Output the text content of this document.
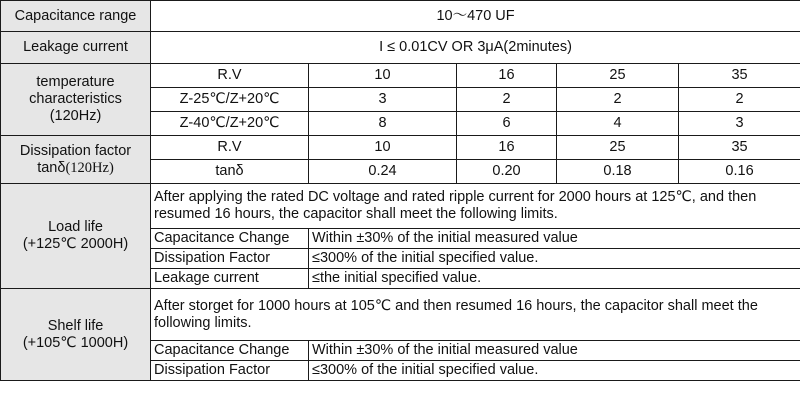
Capacitance range	10～470 UF					
Leakage current	I ≤ 0.01CV OR 3μA(2minutes)					

temperature
characteristics
(120Hz)	R.V	10	16	25	35	
	Z-25℃/Z+20℃	3	2	2	2	
	Z-40℃/Z+20℃	8	6	4	3	

Dissipation factor
tanδ(120Hz)	R.V	10	16	25	35	
	tanδ	0.24	0.20	0.18	0.16	

Load life
(+125℃ 2000H)	After applying the rated DC voltage and rated ripple current for 2000 hours at 125℃, and then
resumed 16 hours, the capacitor shall meet the following limits.					

	Capacitance Change	Within ±30% of the initial measured value				
	Dissipation Factor	≤300% of the initial specified value.				
	Leakage current	≤the initial specified value.				

Shelf life
(+105℃ 1000H)	After storget for 1000 hours at 105℃ and then resumed 16 hours, the capacitor shall meet the
following limits.					

	Capacitance Change	Within ±30% of the initial measured value				
	Dissipation Factor	≤300% of the initial specified value.				
